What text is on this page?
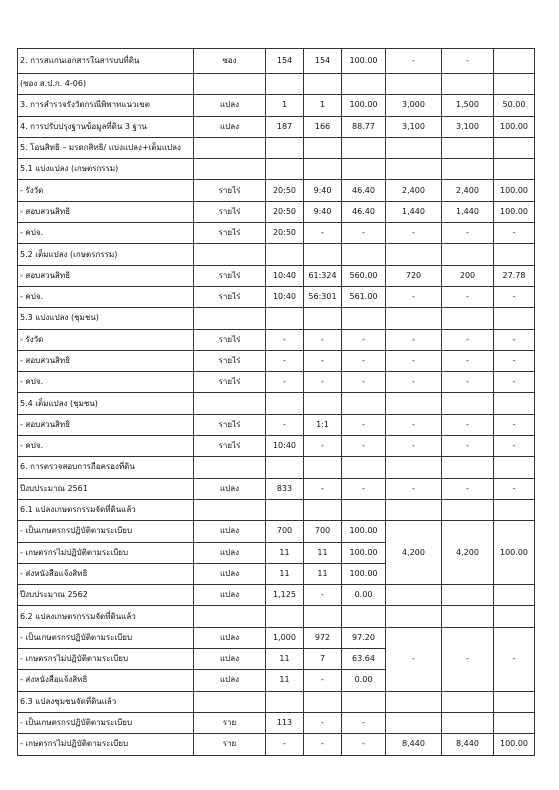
2. การสแกนเอกสารในสารบบที่ดิน	ซอง	154	154	100.00	-	-	
(ซอง ส.ป.ก. 4-06)							
3. การสำรวจรังวัดกรณีพิพาทแนวเขต	แปลง	1	1	100.00	3,000	1,500	50.00
4. การปรับปรุงฐานข้อมูลที่ดิน 3 ฐาน	แปลง	187	166	88.77	3,100	3,100	100.00
5. โอนสิทธิ – มรดกสิทธิ/ แบ่งแปลง+เต็มแปลง							
5.1 แบ่งแปลง (เกษตรกรรม)							
- รังวัด	รายไร่	20:50	9:40	46.40	2,400	2,400	100.00
- สอบสวนสิทธิ	รายไร่	20:50	9:40	46.40	1,440	1,440	100.00
- คปจ.	รายไร่	20:50	-	-	-	-	-
5.2 เต็มแปลง (เกษตรกรรม)							
- สอบสวนสิทธิ	รายไร่	10:40	61:324	560.00	720	200	27.78
- คปจ.	รายไร่	10:40	56:301	561.00	-	-	-
5.3 แบ่งแปลง (ชุมชน)							
- รังวัด	รายไร่	-	-	-	-	-	-
- สอบสวนสิทธิ	รายไร่	-	-	-	-	-	-
- คปจ.	รายไร่	-	-	-	-	-	-
5.4 เต็มแปลง (ชุมชน)							
- สอบสวนสิทธิ	รายไร่	-	1:1	-	-	-	-
- คปจ.	รายไร่	10:40	-	-	-	-	-
6. การตรวจสอบการถือครองที่ดิน							
ปีงบประมาณ 2561	แปลง	833	-	-	-	-	-
6.1 แปลงเกษตรกรรมจัดที่ดินแล้ว							
- เป็นเกษตรกรปฏิบัติตามระเบียบ	แปลง	700	700	100.00	4,200	4,200	100.00
- เกษตรกรไม่ปฏิบัติตามระเบียบ	แปลง	11	11	100.00			
- ส่งหนังสือแจ้งสิทธิ	แปลง	11	11	100.00			
ปีงบประมาณ 2562	แปลง	1,125	-	0.00			
6.2 แปลงเกษตรกรรมจัดที่ดินแล้ว							
- เป็นเกษตรกรปฏิบัติตามระเบียบ	แปลง	1,000	972	97.20	-	-	-
- เกษตรกรไม่ปฏิบัติตามระเบียบ	แปลง	11	7	63.64			
- ส่งหนังสือแจ้งสิทธิ	แปลง	11	-	0.00			
6.3 แปลงชุมชนจัดที่ดินแล้ว							
- เป็นเกษตรกรปฏิบัติตามระเบียบ	ราย	113	-	-			
- เกษตรกรไม่ปฏิบัติตามระเบียบ	ราย	-	-	-	8,440	8,440	100.00
